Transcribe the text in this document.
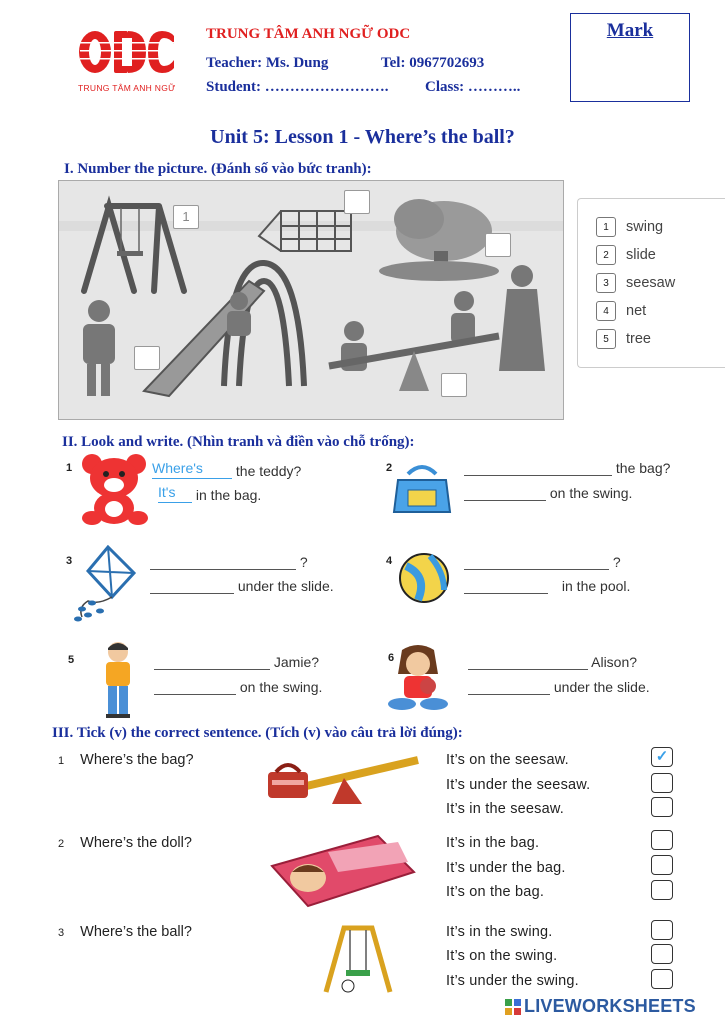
TRUNG TÂM ANH NGỮ
TRUNG TÂM ANH NGỮ ODC
Teacher: Ms. Dung	Tel: 0967702693
Student: ……………………. Class: ………..
Mark
Unit 5: Lesson 1 - Where’s the ball?
I. Number the picture. (Đánh số vào bức tranh):
1
1	swing
2	slide
3	seesaw
4	net
5	tree
II. Look and write. (Nhìn tranh và điền vào chỗ trống):
1	Where's the teddy?
It's in the bag.
2	the bag?
on the swing.
3	?
under the slide.
4	?
in the pool.
5	Jamie?
on the swing.
6	Alison?
under the slide.
III. Tick (v) the correct sentence. (Tích (v) vào câu trả lời đúng):
1 Where’s the bag?	It’s on the seesaw.
It’s under the seesaw.
It’s in the seesaw.
✓
2 Where’s the doll?	It’s in the bag.
It’s under the bag.
It’s on the bag.
3 Where’s the ball?	It’s in the swing.
It’s on the swing.
It’s under the swing.
LIVEWORKSHEETS
